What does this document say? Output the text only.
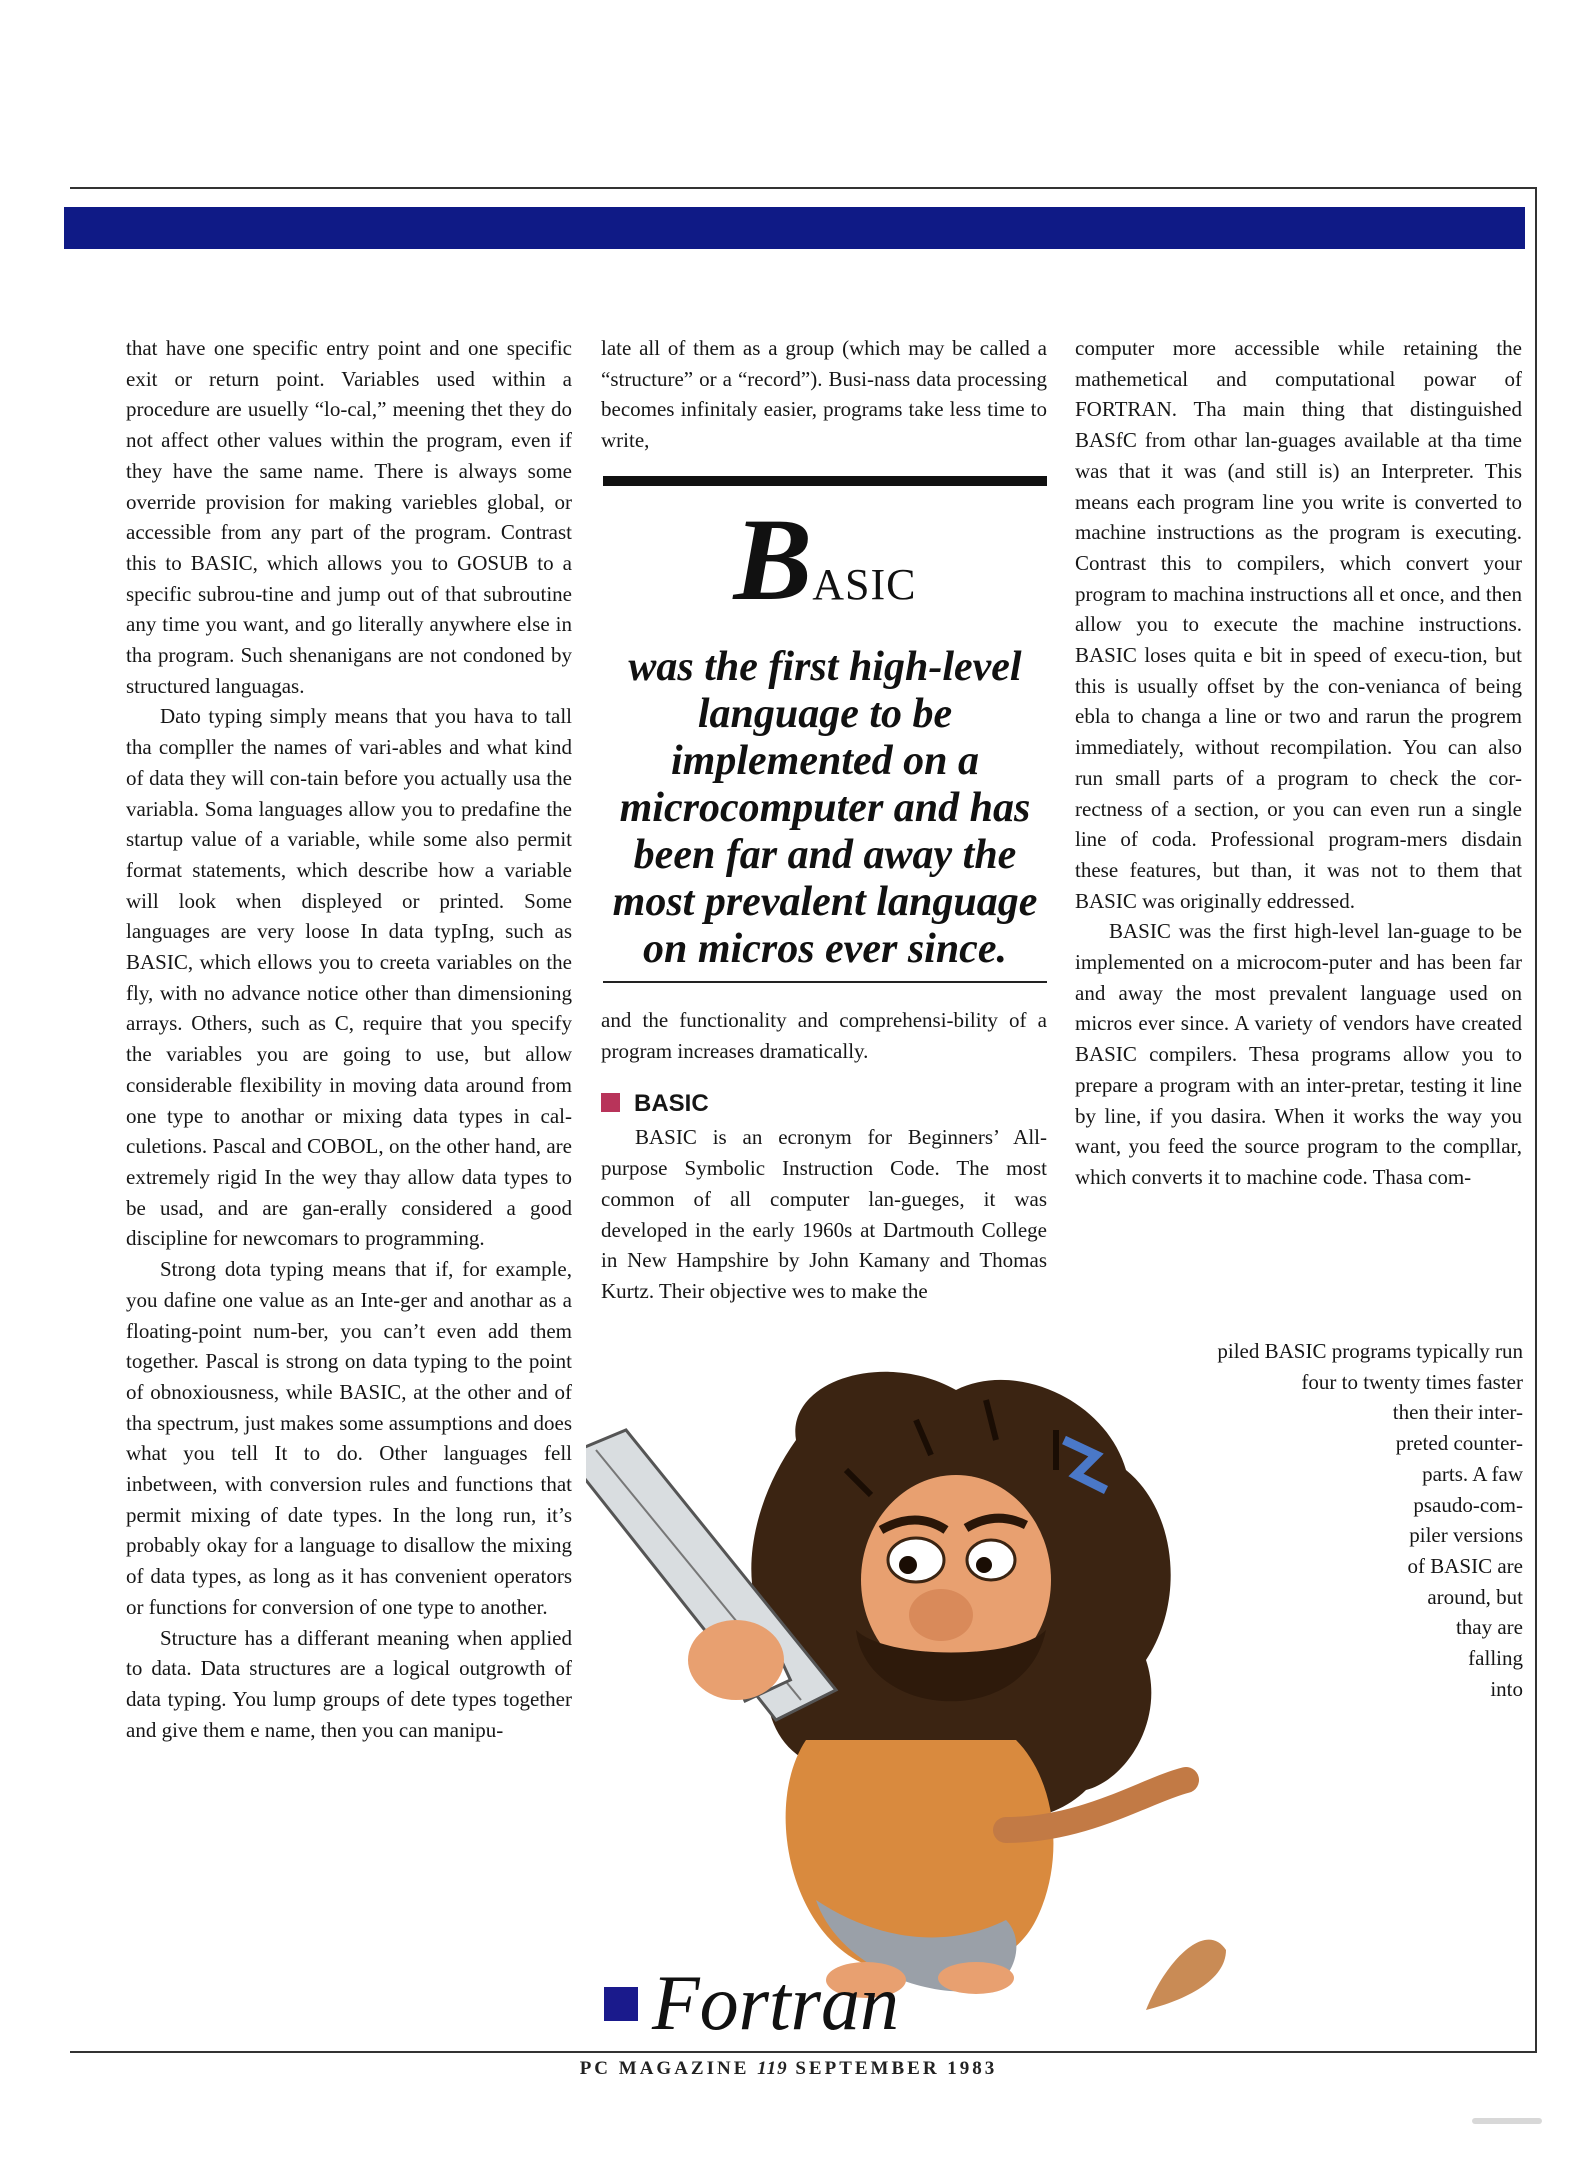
that have one specific entry point and one specific exit or return point. Variables used within a procedure are usuelly “lo-cal,” meening thet they do not affect other values within the program, even if they have the same name. There is always some override provision for making variebles global, or accessible from any part of the program. Contrast this to BASIC, which allows you to GOSUB to a specific subrou-tine and jump out of that subroutine any time you want, and go literally anywhere else in tha program. Such shenanigans are not condoned by structured languagas.

Dato typing simply means that you hava to tall tha compller the names of vari-ables and what kind of data they will con-tain before you actually usa the variabla. Soma languages allow you to predafine the startup value of a variable, while some also permit format statements, which describe how a variable will look when displeyed or printed. Some languages are very loose In data typIng, such as BASIC, which ellows you to creeta variables on the fly, with no advance notice other than dimensioning arrays. Others, such as C, require that you specify the variables you are going to use, but allow considerable flexibility in moving data around from one type to anothar or mixing data types in cal-culetions. Pascal and COBOL, on the other hand, are extremely rigid In the wey thay allow data types to be usad, and are gan-erally considered a good discipline for newcomars to programming.

Strong dota typing means that if, for example, you dafine one value as an Inte-ger and anothar as a floating-point num-ber, you can’t even add them together. Pascal is strong on data typing to the point of obnoxiousness, while BASIC, at the other and of tha spectrum, just makes some assumptions and does what you tell It to do. Other languages fell inbetween, with conversion rules and functions that permit mixing of date types. In the long run, it’s probably okay for a language to disallow the mixing of data types, as long as it has convenient operators or functions for conversion of one type to another.

Structure has a differant meaning when applied to data. Data structures are a logical outgrowth of data typing. You lump groups of dete types together and give them e name, then you can manipu-

late all of them as a group (which may be called a “structure” or a “record”). Busi-nass data processing becomes infinitaly easier, programs take less time to write,

BASIC
was the first high-level language to be implemented on a microcomputer and has been far and away the most prevalent language on micros ever since.

and the functionality and comprehensi-bility of a program increases dramatically.

BASIC

BASIC is an ecronym for Beginners’ All-purpose Symbolic Instruction Code. The most common of all computer lan-gueges, it was developed in the early 1960s at Dartmouth College in New Hampshire by John Kamany and Thomas Kurtz. Their objective wes to make the

computer more accessible while retaining the mathemetical and computational powar of FORTRAN. Tha main thing that distinguished BASfC from othar lan-guages available at tha time was that it was (and still is) an Interpreter. This means each program line you write is converted to machine instructions as the program is executing. Contrast this to compilers, which convert your program to machina instructions all et once, and then allow you to execute the machine instructions. BASIC loses quita e bit in speed of execu-tion, but this is usually offset by the con-venianca of being ebla to changa a line or two and rarun the progrem immediately, without recompilation. You can also run small parts of a program to check the cor-rectness of a section, or you can even run a single line of coda. Professional program-mers disdain these features, but than, it was not to them that BASIC was originally eddressed.

BASIC was the first high-level lan-guage to be implemented on a microcom-puter and has been far and away the most prevalent language used on micros ever since. A variety of vendors have created BASIC compilers. Thesa programs allow you to prepare a program with an inter-pretar, testing it line by line, if you dasira. When it works the way you want, you feed the source program to the compllar, which converts it to machine code. Thasa com-

piled BASIC programs typically run
four to twenty times faster
then their inter-
preted counter-
parts. A faw
psaudo-com-
piler versions
of BASIC are
around, but
thay are
falling
into
Fortran
PC MAGAZINE 119 SEPTEMBER 1983
